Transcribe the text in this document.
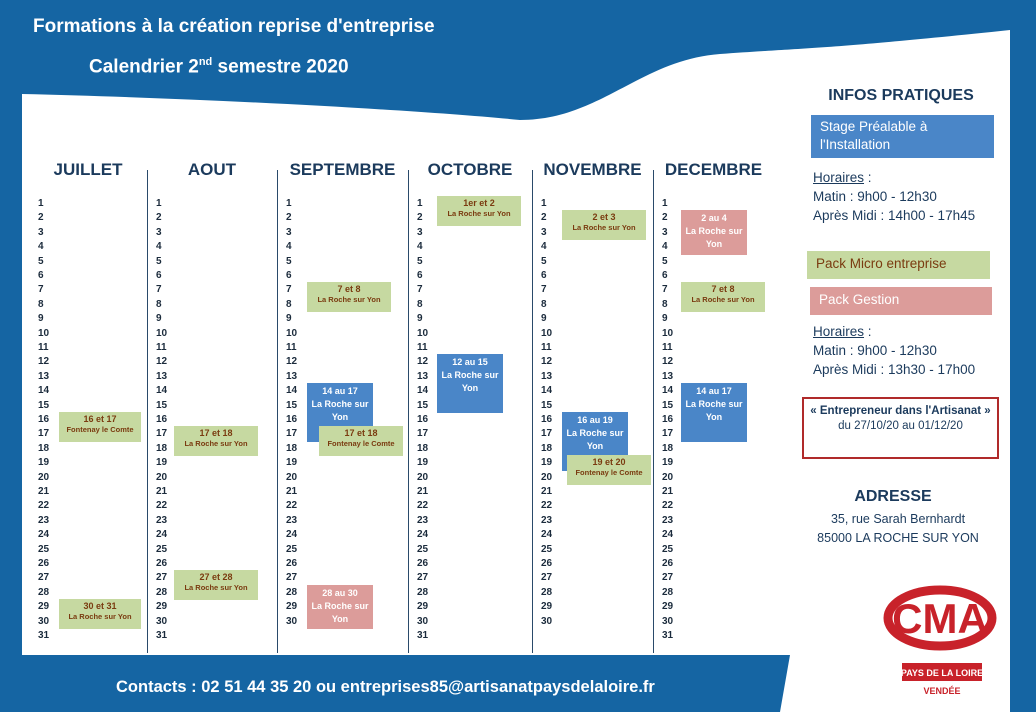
Formations à la création reprise d'entreprise
Calendrier 2nd semestre 2020
JUILLET
1
2
3
4
5
6
7
8
9
10
11
12
13
14
15
16
17
18
19
20
21
22
23
24
25
26
27
28
29
30
31
16 et 17
Fontenay le Comte
30 et 31
La Roche sur Yon
AOUT
1
2
3
4
5
6
7
8
9
10
11
12
13
14
15
16
17
18
19
20
21
22
23
24
25
26
27
28
29
30
31
17 et 18
La Roche sur Yon
27 et 28
La Roche sur Yon
SEPTEMBRE
1
2
3
4
5
6
7
8
9
10
11
12
13
14
15
16
17
18
19
20
21
22
23
24
25
26
27
28
29
30
7 et 8
La Roche sur Yon
14 au 17
La Roche sur Yon
17 et 18
Fontenay le Comte
28 au 30
La Roche sur Yon
OCTOBRE
1
2
3
4
5
6
7
8
9
10
11
12
13
14
15
16
17
18
19
20
21
22
23
24
25
26
27
28
29
30
31
1er et 2
La Roche sur Yon
12 au 15
La Roche sur Yon
NOVEMBRE
1
2
3
4
5
6
7
8
9
10
11
12
13
14
15
16
17
18
19
20
21
22
23
24
25
26
27
28
29
30
2 et 3
La Roche sur Yon
16 au 19
La Roche sur Yon
19 et 20
Fontenay le Comte
DECEMBRE
1
2
3
4
5
6
7
8
9
10
11
12
13
14
15
16
17
18
19
20
21
22
23
24
25
26
27
28
29
30
31
2 au 4
La Roche sur Yon
7 et 8
La Roche sur Yon
14 au 17
La Roche sur Yon
INFOS PRATIQUES
Stage Préalable à l'Installation
Horaires :
Matin : 9h00 - 12h30
Après Midi : 14h00 - 17h45
Pack Micro entreprise
Pack Gestion
Horaires :
Matin : 9h00 - 12h30
Après Midi : 13h30 - 17h00
« Entrepreneur dans l'Artisanat »
du 27/10/20 au 01/12/20
ADRESSE
35, rue Sarah Bernhardt
85000 LA ROCHE SUR YON
CMA
PAYS DE LA LOIRE
VENDÉE
Contacts : 02 51 44 35 20 ou entreprises85@artisanatpaysdelaloire.fr
